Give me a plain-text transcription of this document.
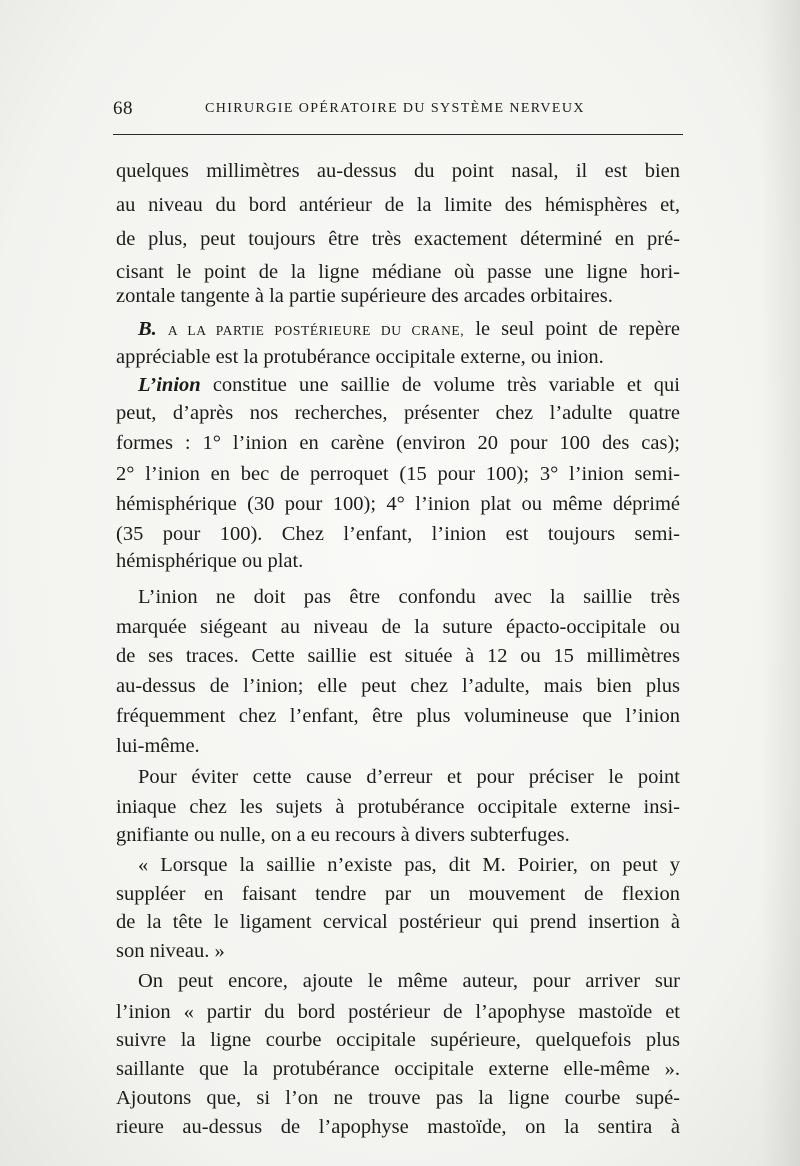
68	CHIRURGIE OPÉRATOIRE DU SYSTÈME NERVEUX
quelques millimètres au-dessus du point nasal, il est bien
au niveau du bord antérieur de la limite des hémisphères et,
de plus, peut toujours être très exactement déterminé en pré-
cisant le point de la ligne médiane où passe une ligne hori-
zontale tangente à la partie supérieure des arcades orbitaires.
B. A LA PARTIE POSTÉRIEURE DU CRANE, le seul point de repère
appréciable est la protubérance occipitale externe, ou inion.
L’inion constitue une saillie de volume très variable et qui
peut, d’après nos recherches, présenter chez l’adulte quatre
formes : 1° l’inion en carène (environ 20 pour 100 des cas);
2° l’inion en bec de perroquet (15 pour 100); 3° l’inion semi-
hémisphérique (30 pour 100); 4° l’inion plat ou même déprimé
(35 pour 100). Chez l’enfant, l’inion est toujours semi-
hémisphérique ou plat.
L’inion ne doit pas être confondu avec la saillie très
marquée siégeant au niveau de la suture épacto-occipitale ou
de ses traces. Cette saillie est située à 12 ou 15 millimètres
au-dessus de l’inion; elle peut chez l’adulte, mais bien plus
fréquemment chez l’enfant, être plus volumineuse que l’inion
lui-même.
Pour éviter cette cause d’erreur et pour préciser le point
iniaque chez les sujets à protubérance occipitale externe insi-
gnifiante ou nulle, on a eu recours à divers subterfuges.
« Lorsque la saillie n’existe pas, dit M. Poirier, on peut y
suppléer en faisant tendre par un mouvement de flexion
de la tête le ligament cervical postérieur qui prend insertion à
son niveau. »
On peut encore, ajoute le même auteur, pour arriver sur
l’inion « partir du bord postérieur de l’apophyse mastoïde et
suivre la ligne courbe occipitale supérieure, quelquefois plus
saillante que la protubérance occipitale externe elle-même ».
Ajoutons que, si l’on ne trouve pas la ligne courbe supé-
rieure au-dessus de l’apophyse mastoïde, on la sentira à
